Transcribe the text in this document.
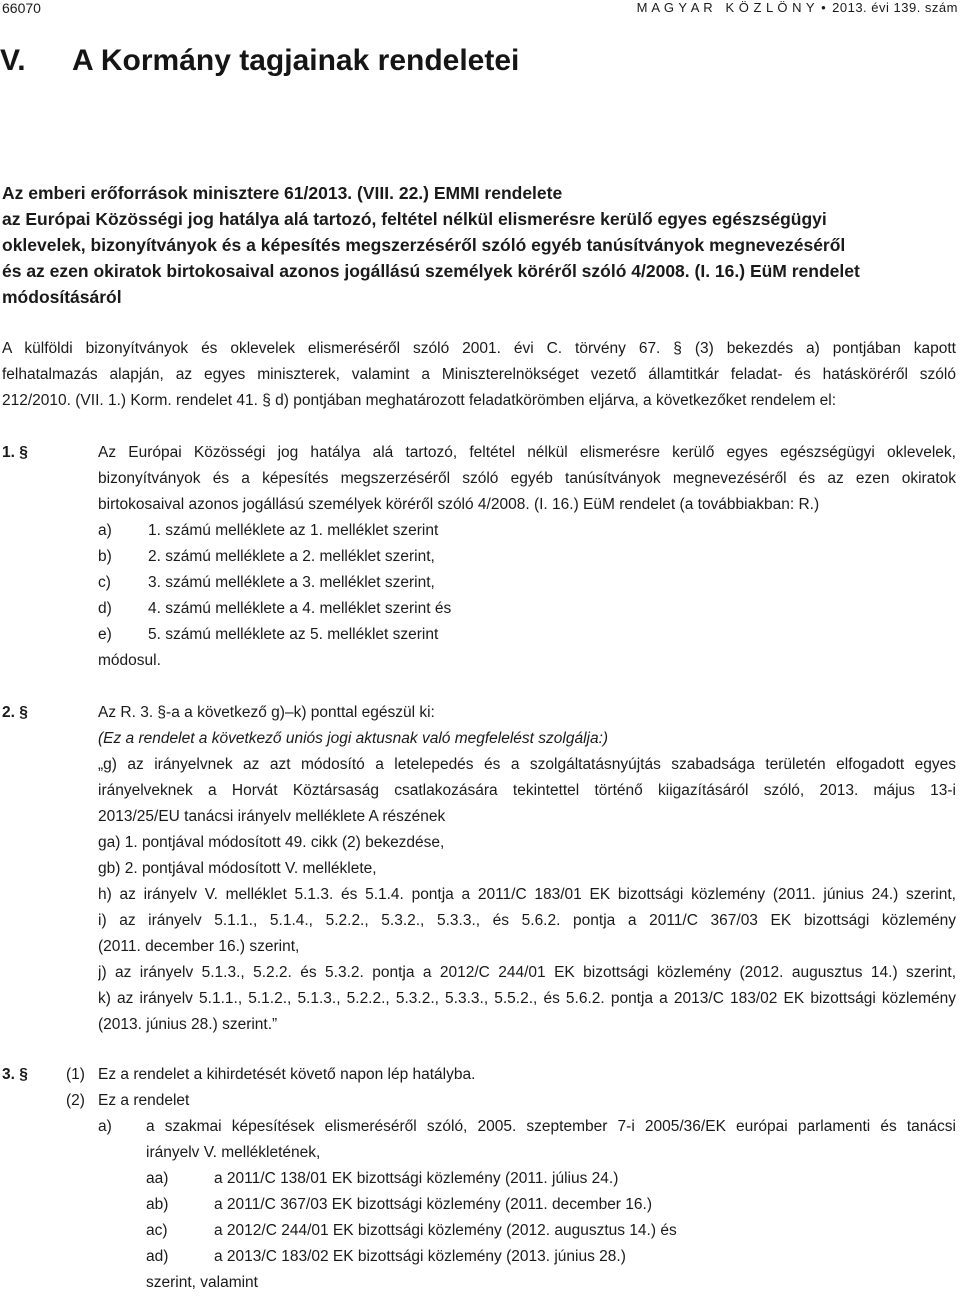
66070	M A G Y A R   K Ö Z L Ö N Y • 2013. évi 139. szám
V. A Kormány tagjainak rendeletei
Az emberi erőforrások minisztere 61/2013. (VIII. 22.) EMMI rendelete
az Európai Közösségi jog hatálya alá tartozó, feltétel nélkül elismerésre kerülő egyes egészségügyi
oklevelek, bizonyítványok és a képesítés megszerzéséről szóló egyéb tanúsítványok megnevezéséről
és az ezen okiratok birtokosaival azonos jogállású személyek köréről szóló 4/2008. (I. 16.) EüM rendelet
módosításáról
A külföldi bizonyítványok és oklevelek elismeréséről szóló 2001. évi C. törvény 67. § (3) bekezdés a) pontjában kapott
felhatalmazás alapján, az egyes miniszterek, valamint a Miniszterelnökséget vezető államtitkár feladat- és hatásköréről szóló
212/2010. (VII. 1.) Korm. rendelet 41. § d) pontjában meghatározott feladatkörömben eljárva, a következőket rendelem el:
1. §	Az Európai Közösségi jog hatálya alá tartozó, feltétel nélkül elismerésre kerülő egyes egészségügyi oklevelek,
bizonyítványok és a képesítés megszerzéséről szóló egyéb tanúsítványok megnevezéséről és az ezen okiratok
birtokosaival azonos jogállású személyek köréről szóló 4/2008. (I. 16.) EüM rendelet (a továbbiakban: R.)
a) 1. számú melléklete az 1. melléklet szerint
b) 2. számú melléklete a 2. melléklet szerint,
c) 3. számú melléklete a 3. melléklet szerint,
d) 4. számú melléklete a 4. melléklet szerint és
e) 5. számú melléklete az 5. melléklet szerint
módosul.
2. §	Az R. 3. §-a a következő g)–k) ponttal egészül ki:
(Ez a rendelet a következő uniós jogi aktusnak való megfelelést szolgálja:)
„g) az irányelvnek az azt módosító a letelepedés és a szolgáltatásnyújtás szabadsága területén elfogadott egyes
irányelveknek a Horvát Köztársaság csatlakozására tekintettel történő kiigazításáról szóló, 2013. május 13-i
2013/25/EU tanácsi irányelv melléklete A részének
ga) 1. pontjával módosított 49. cikk (2) bekezdése,
gb) 2. pontjával módosított V. melléklete,
h) az irányelv V. melléklet 5.1.3. és 5.1.4. pontja a 2011/C 183/01 EK bizottsági közlemény (2011. június 24.) szerint,
i) az irányelv 5.1.1., 5.1.4., 5.2.2., 5.3.2., 5.3.3., és 5.6.2. pontja a 2011/C 367/03 EK bizottsági közlemény
(2011. december 16.) szerint,
j) az irányelv 5.1.3., 5.2.2. és 5.3.2. pontja a 2012/C 244/01 EK bizottsági közlemény (2012. augusztus 14.) szerint,
k) az irányelv 5.1.1., 5.1.2., 5.1.3., 5.2.2., 5.3.2., 5.3.3., 5.5.2., és 5.6.2. pontja a 2013/C 183/02 EK bizottsági közlemény
(2013. június 28.) szerint.”
3. § (1) Ez a rendelet a kihirdetését követő napon lép hatályba.
(2) Ez a rendelet
a) a szakmai képesítések elismeréséről szóló, 2005. szeptember 7-i 2005/36/EK európai parlamenti és tanácsi
irányelv V. mellékletének,
aa)	a 2011/C 138/01 EK bizottsági közlemény (2011. július 24.)
ab)	a 2011/C 367/03 EK bizottsági közlemény (2011. december 16.)
ac)	a 2012/C 244/01 EK bizottsági közlemény (2012. augusztus 14.) és
ad)	a 2013/C 183/02 EK bizottsági közlemény (2013. június 28.)
szerint, valamint
